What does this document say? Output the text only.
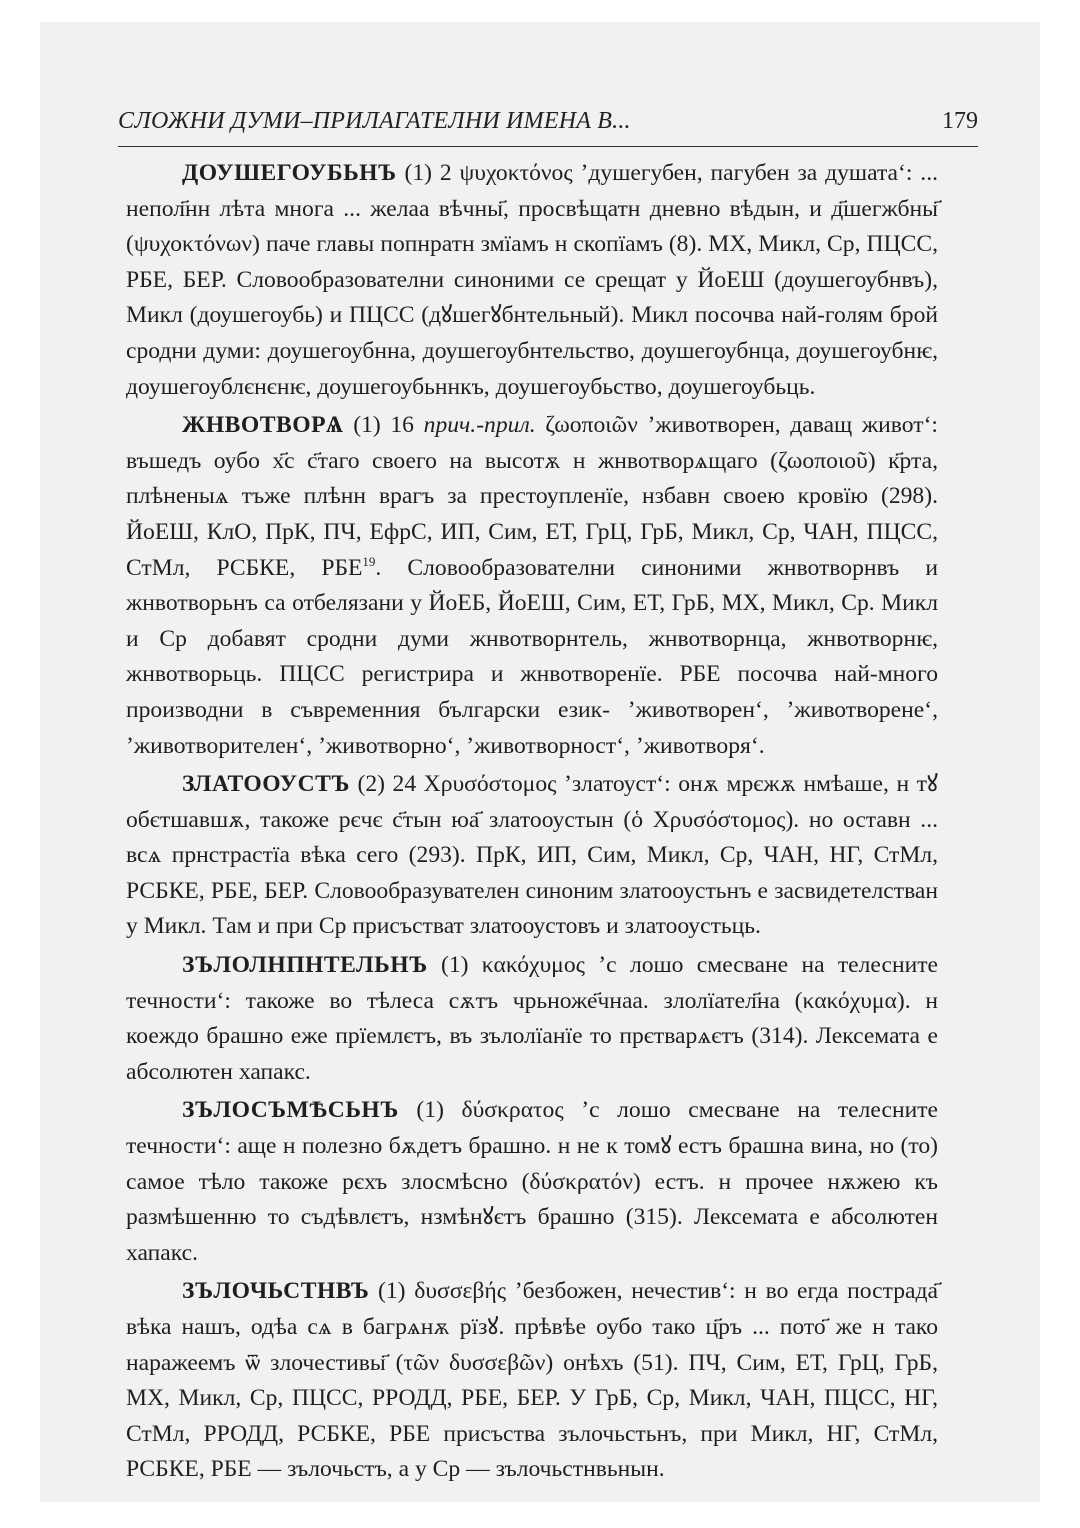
СЛОЖНИ ДУМИ–ПРИЛАГАТЕЛНИ ИМЕНА В...	179

ДОУШЕГОУБЬНЪ (1) 2 ψυχοκτόνος ’душегубен, пагубен за душата‘: ... непол҃нн лѣта многа ... желаа вѣчны҃, просвѣщатн дневно вѣдын, и д҃шегжбны҃ (ψυχοκτόνων) паче главы попнратн змїамъ н скопїамъ (8). МХ, Микл, Ср, ПЦСС, РБЕ, БЕР. Словообразователни синоними се срещат у ЙоЕШ (доушегоубнвъ), Микл (доушегоубь) и ПЦСС (дꙋшегꙋбнтельный). Микл посочва най-голям брой сродни думи: доушегоубнна, доушегоубнтельство, доушегоубнца, доушегоубнѥ, доушегоублєнєнѥ, доушегоубьннкъ, доушегоубьство, доушегоубьць.

ЖНВОТВОРѦ (1) 16 прич.-прил. ζωοποιῶν ’животворен, даващ живот‘: въшедъ оубо х҃с с҃таго своего на высотѫ н жнвотворѧщаго (ζωοποιοῦ) к҃рта, плѣненыѧ тъже плѣнн врагъ за престоупленїе, нзбавн своею кровїю (298). ЙоЕШ, КлО, ПрК, ПЧ, ЕфрС, ИП, Сим, ЕТ, ГрЦ, ГрБ, Микл, Ср, ЧАН, ПЦСС, СтМл, РСБКЕ, РБЕ$^{19}$. Словообразователни синоними жнвотворнвъ и жнвотворьнъ са отбелязани у ЙоЕБ, ЙоЕШ, Сим, ЕТ, ГрБ, МХ, Микл, Ср. Микл и Ср добавят сродни думи жнвотворнтель, жнвотворнца, жнвотворнѥ, жнвотворьць. ПЦСС регистрира и жнвотворенїе. РБЕ посочва най-много производни в съвременния български език- ’животворен‘, ’животворене‘, ’животворителен‘, ’животворно‘, ’животворност‘, ’животворя‘.

ЗЛАТООУСТЪ (2) 24 Χρυσόστομος ’златоуст‘: онѫ мрєжѫ нмѣаше, н тꙋ обєтшавшѫ, такоже рєчє с҃тын юа҃ златооустын (ὁ Χρυσόστομος). но оставн ... всѧ прнстрастїа вѣка сего (293). ПрК, ИП, Сим, Микл, Ср, ЧАН, НГ, СтМл, РСБКЕ, РБЕ, БЕР. Словообразувателен синоним златооустьнъ е засвидетелстван у Микл. Там и при Ср присъстват златооустовъ и златооустьць.

ЗЪЛОЛНПНТЕЛЬНЪ (1) κακόχυμος ’с лошо смесване на телесните течности‘: такоже во тѣлеса сѫтъ чрьноже҃чнаа. злолїател҃на (κακόχυμα). н коеждо брашно еже прїемлєтъ, въ зълолїанїе то прєтварѧєтъ (314). Лексемата е абсолютен хапакс.

ЗЪЛОСЪМѢСЬНЪ (1) δύσκρατος ’с лошо смесване на телесните течности‘: аще н полезно бѫдетъ брашно. н не к томꙋ естъ брашна вина, но (то) самое тѣло такоже рєхъ злосмѣсно (δύσκρατόν) естъ. н прочее нѫжею къ размѣшенню то съдѣвлєтъ, нзмѣнꙋєтъ брашно (315). Лексемата е абсолютен хапакс.

ЗЪЛОЧЬСТНВЪ (1) δυσσεβής ’безбожен, нечестив‘: н во егда пострада҃ вѣка нашъ, одѣа сѧ в багрѧнѫ рїзꙋ. прѣвѣе оубо тако ц҃ръ ... пото҃ же н тако наражеемъ ѿ злочестивы҃ (τῶν δυσσεβῶν) онѣхъ (51). ПЧ, Сим, ЕТ, ГрЦ, ГрБ, МХ, Микл, Ср, ПЦСС, РРОДД, РБЕ, БЕР. У ГрБ, Ср, Микл, ЧАН, ПЦСС, НГ, СтМл, РРОДД, РСБКЕ, РБЕ присъства зълочьстьнъ, при Микл, НГ, СтМл, РСБКЕ, РБЕ — зълочьстъ, а у Ср — зълочьстнвьнын.
